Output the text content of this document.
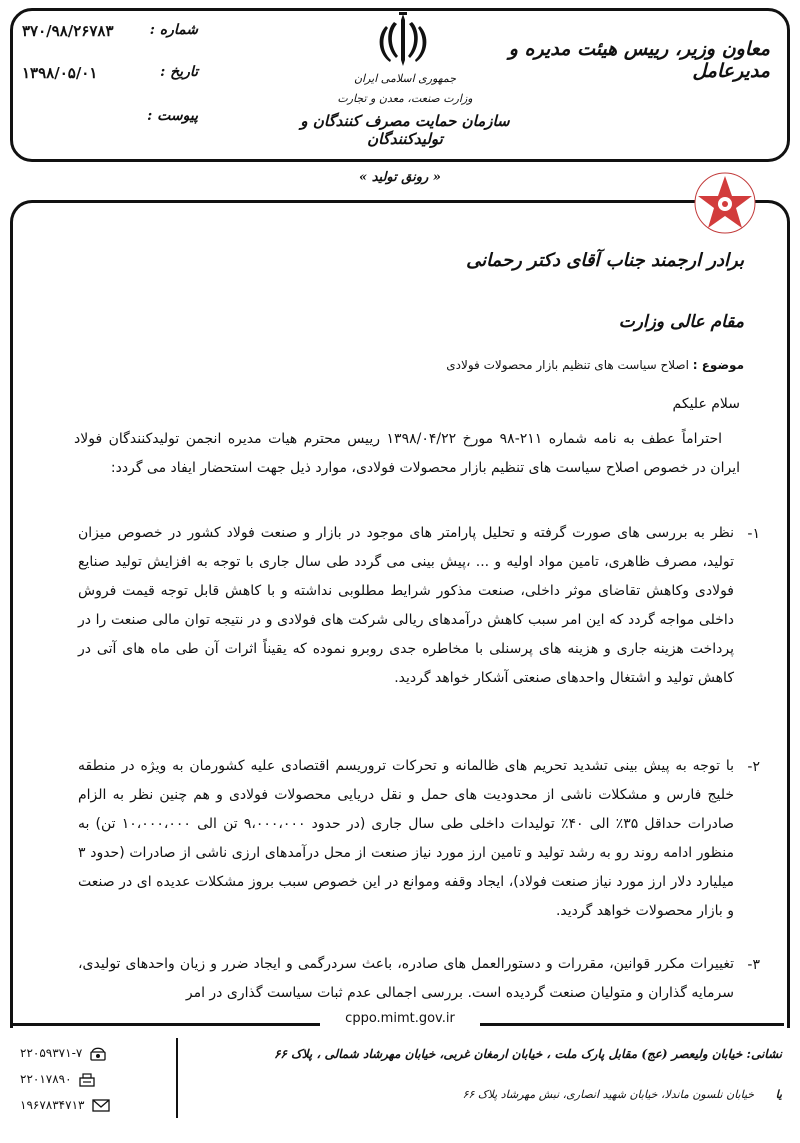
معاون وزیر، رییس هیئت مدیره و مدیرعامل
جمهوری اسلامی ایران
وزارت صنعت، معدن و تجارت
سازمان حمایت مصرف کنندگان و تولیدکنندگان
شماره :
۳۷۰/۹۸/۲۶۷۸۳
تاریخ :
۱۳۹۸/۰۵/۰۱
پیوست :
« رونق تولید »
برادر ارجمند جناب آقای دکتر رحمانی
مقام عالی وزارت
موضوع : اصلاح سیاست های تنظیم بازار محصولات فولادی
سلام علیکم
احتراماً عطف به نامه شماره ۲۱۱-۹۸ مورخ ۱۳۹۸/۰۴/۲۲ رییس محترم هیات مدیره انجمن تولیدکنندگان فولاد ایران در خصوص اصلاح سیاست های تنظیم بازار محصولات فولادی، موارد ذیل جهت استحضار ایفاد می گردد:
۱-
نظر به بررسی های صورت گرفته و تحلیل پارامتر های موجود در بازار و صنعت فولاد کشور در خصوص میزان تولید، مصرف ظاهری، تامین مواد اولیه و ... ،پیش بینی می گردد طی سال جاری با توجه به افزایش تولید صنایع فولادی وکاهش تقاضای موثر داخلی، صنعت مذکور شرایط مطلوبی نداشته و با کاهش قابل توجه قیمت فروش داخلی مواجه گردد که این امر سبب کاهش درآمدهای ریالی شرکت های فولادی و در نتیجه توان مالی صنعت را در پرداخت هزینه جاری و هزینه های پرسنلی با مخاطره جدی روبرو نموده که یقیناً اثرات آن طی ماه های آتی در کاهش تولید و اشتغال واحدهای صنعتی آشکار خواهد گردید.
۲-
با توجه به پیش بینی تشدید تحریم های ظالمانه و تحرکات تروریسم اقتصادی علیه کشورمان به ویژه در منطقه خلیج فارس و مشکلات ناشی از محدودیت های حمل و نقل دریایی محصولات فولادی و هم چنین نظر به الزام صادرات حداقل ۳۵٪ الی ۴۰٪ تولیدات داخلی طی سال جاری (در حدود ۹،۰۰۰،۰۰۰ تن الی ۱۰،۰۰۰،۰۰۰ تن) به منظور ادامه روند رو به رشد تولید و تامین ارز مورد نیاز صنعت از محل درآمدهای ارزی ناشی از صادرات (حدود ۳ میلیارد دلار ارز مورد نیاز صنعت فولاد)، ایجاد وقفه وموانع در این خصوص سبب بروز مشکلات عدیده ای در صنعت و بازار محصولات خواهد گردید.
۳-
تغییرات مکرر قوانین، مقررات و دستورالعمل های صادره، باعث سردرگمی و ایجاد ضرر و زیان واحدهای تولیدی، سرمایه گذاران و متولیان صنعت گردیده است. بررسی اجمالی عدم ثبات سیاست گذاری در امر
cppo.mimt.gov.ir
نشانی: خیابان ولیعصر (عج) مقابل پارک ملت ، خیابان ارمغان غربی، خیابان مهرشاد شمالی ، پلاک ۶۶
یا خیابان نلسون ماندلا، خیابان شهید انصاری، نبش مهرشاد پلاک ۶۶
۲۲۰۵۹۳۷۱-۷
۲۲۰۱۷۸۹۰
۱۹۶۷۸۳۴۷۱۳
